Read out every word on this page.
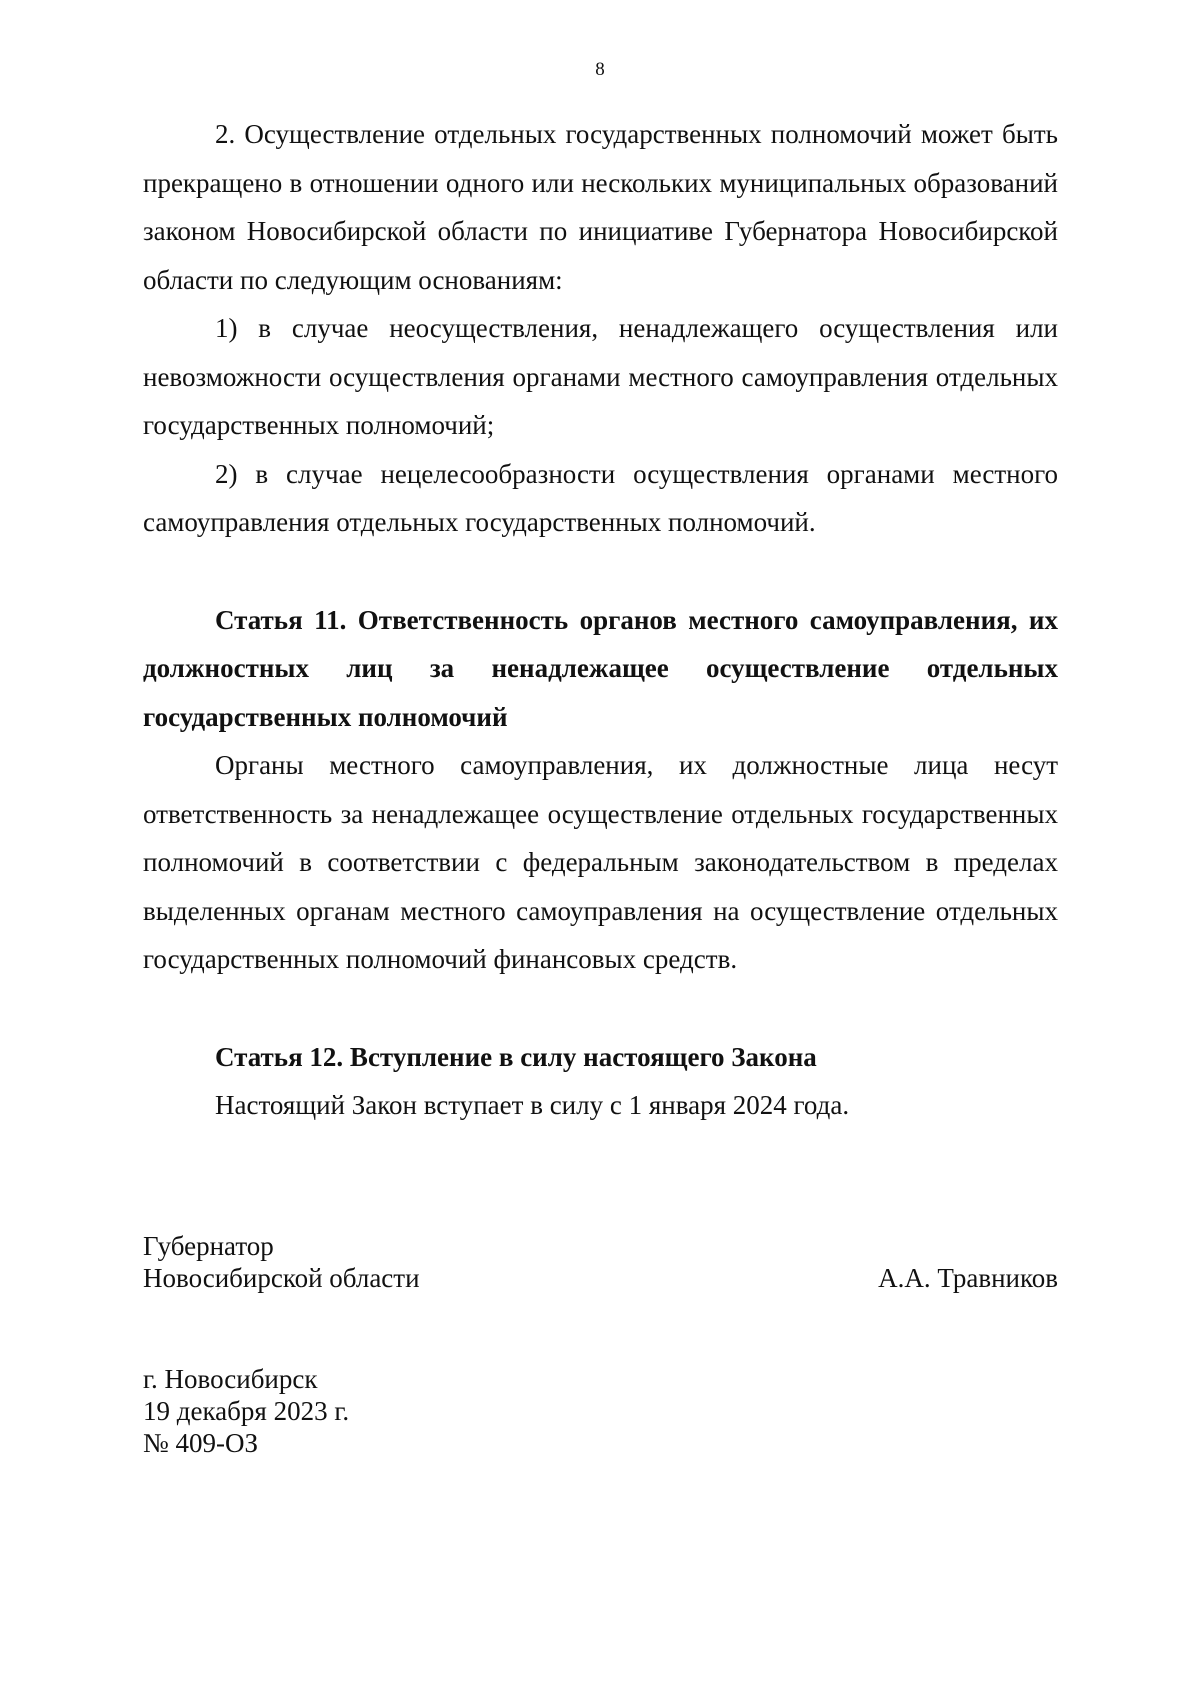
8

2. Осуществление отдельных государственных полномочий может быть прекращено в отношении одного или нескольких муниципальных образований законом Новосибирской области по инициативе Губернатора Новосибирской области по следующим основаниям:

1) в случае неосуществления, ненадлежащего осуществления или невозможности осуществления органами местного самоуправления отдельных государственных полномочий;

2) в случае нецелесообразности осуществления органами местного самоуправления отдельных государственных полномочий.

Статья 11. Ответственность органов местного самоуправления, их должностных лиц за ненадлежащее осуществление отдельных государственных полномочий

Органы местного самоуправления, их должностные лица несут ответственность за ненадлежащее осуществление отдельных государственных полномочий в соответствии с федеральным законодательством в пределах выделенных органам местного самоуправления на осуществление отдельных государственных полномочий финансовых средств.

Статья 12. Вступление в силу настоящего Закона

Настоящий Закон вступает в силу с 1 января 2024 года.

Губернатор
Новосибирской области	А.А. Травников
г. Новосибирск
19 декабря 2023 г.
№ 409-ОЗ
